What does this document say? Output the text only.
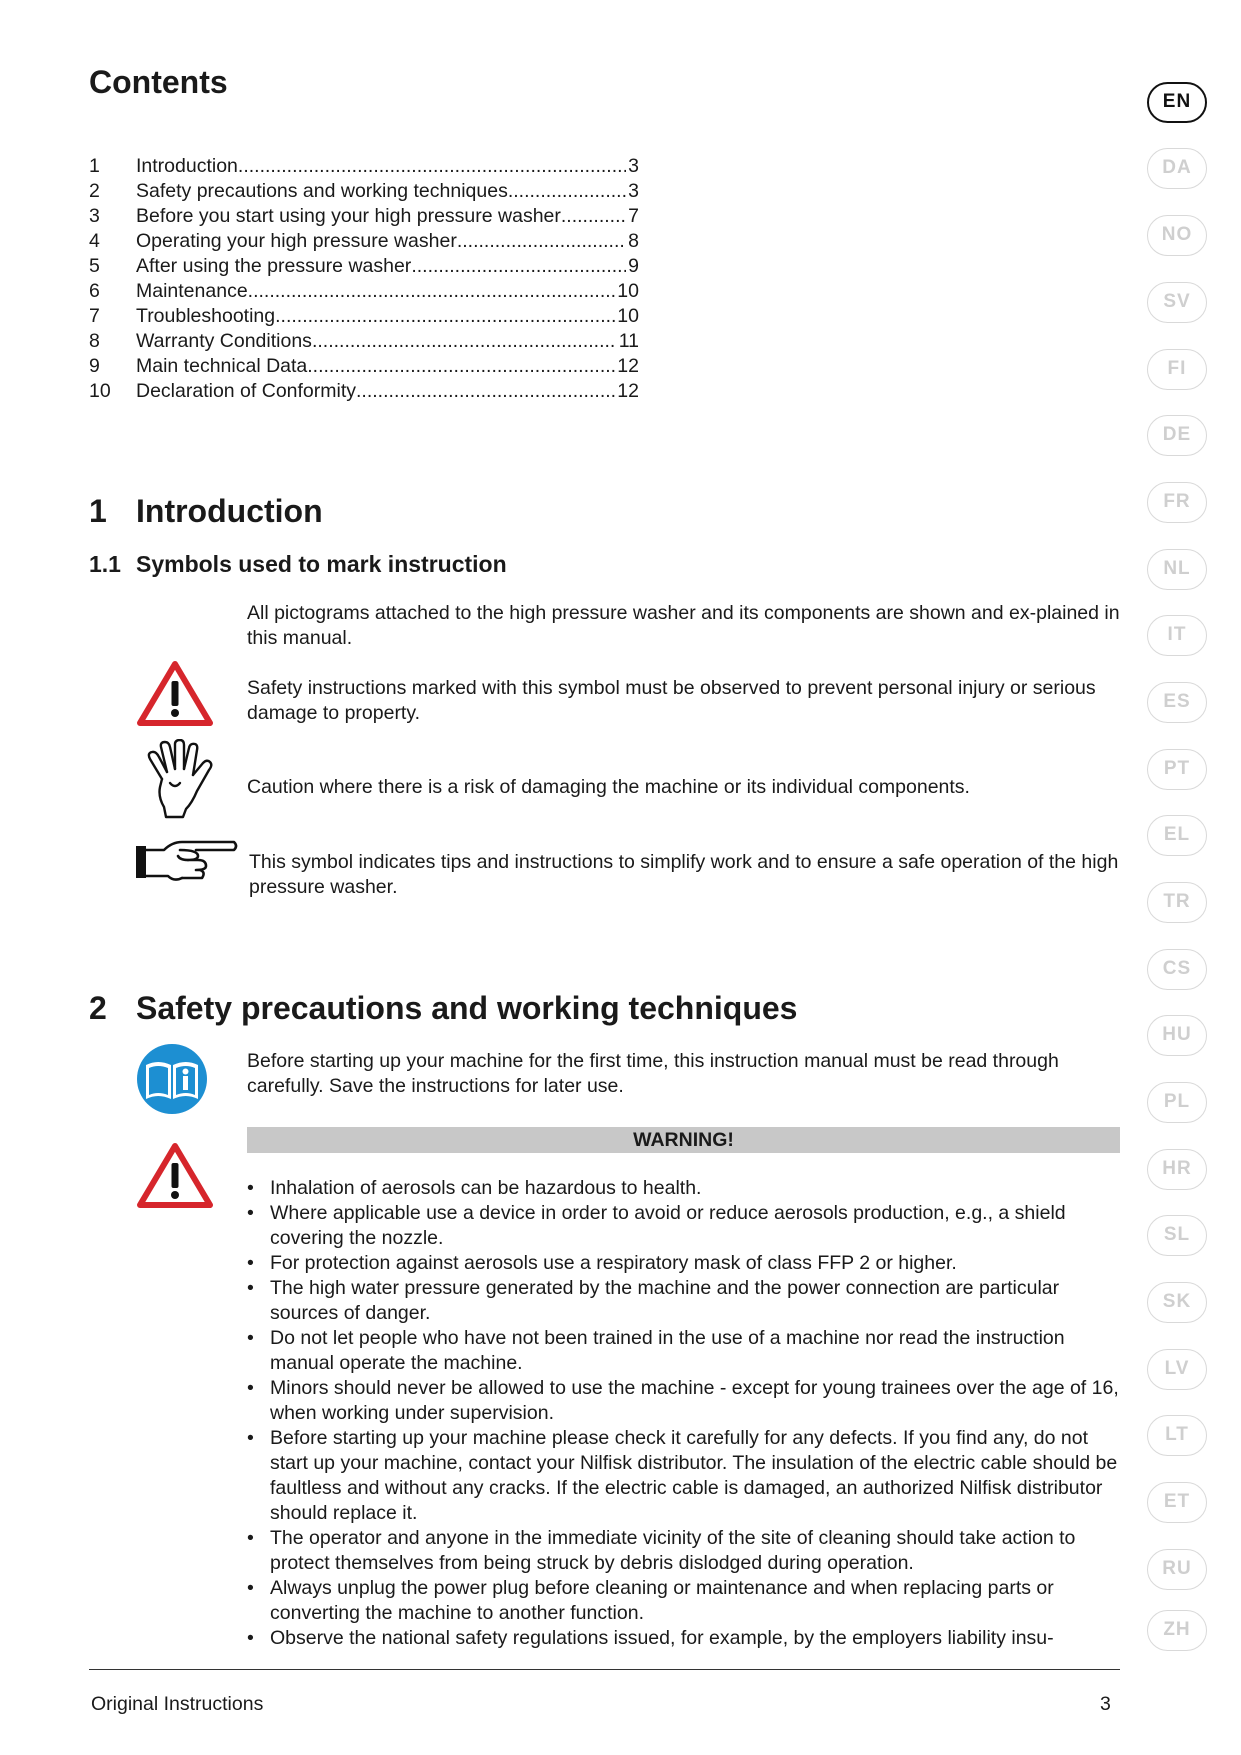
Contents
1	Introduction .....	3
2	Safety precautions and working techniques .....	3
3	Before you start using your high pressure washer .....	7
4	Operating your high pressure washer .....	8
5	After using the pressure washer .....	9
6	Maintenance .....	10
7	Troubleshooting .....	10
8	Warranty Conditions .....	11
9	Main technical Data .....	12
10	Declaration of Conformity .....	12
1 Introduction
1.1 Symbols used to mark instruction

All pictograms attached to the high pressure washer and its components are shown and ex-plained in this manual.

Safety instructions marked with this symbol must be observed to prevent personal injury or serious damage to property.

Caution where there is a risk of damaging the machine or its individual components.

This symbol indicates tips and instructions to simplify work and to ensure a safe operation of the high pressure washer.

2 Safety precautions and working techniques

Before starting up your machine for the first time, this instruction manual must be read through carefully. Save the instructions for later use.

WARNING!
• Inhalation of aerosols can be hazardous to health.
• Where applicable use a device in order to avoid or reduce aerosols production, e.g., a shield covering the nozzle.
• For protection against aerosols use a respiratory mask of class FFP 2 or higher.
• The high water pressure generated by the machine and the power connection are particular sources of danger.
• Do not let people who have not been trained in the use of a machine nor read the instruction manual operate the machine.
• Minors should never be allowed to use the machine - except for young trainees over the age of 16, when working under supervision.
• Before starting up your machine please check it carefully for any defects. If you find any, do not start up your machine, contact your Nilfisk distributor. The insulation of the electric cable should be faultless and without any cracks. If the electric cable is damaged, an authorized Nilfisk distributor should replace it.
• The operator and anyone in the immediate vicinity of the site of cleaning should take action to protect themselves from being struck by debris dislodged during operation.
• Always unplug the power plug before cleaning or maintenance and when replacing parts or converting the machine to another function.
• Observe the national safety regulations issued, for example, by the employers liability insu-
Original Instructions	3
EN
DA
NO
SV
FI
DE
FR
NL
IT
ES
PT
EL
TR
CS
HU
PL
HR
SL
SK
LV
LT
ET
RU
ZH
